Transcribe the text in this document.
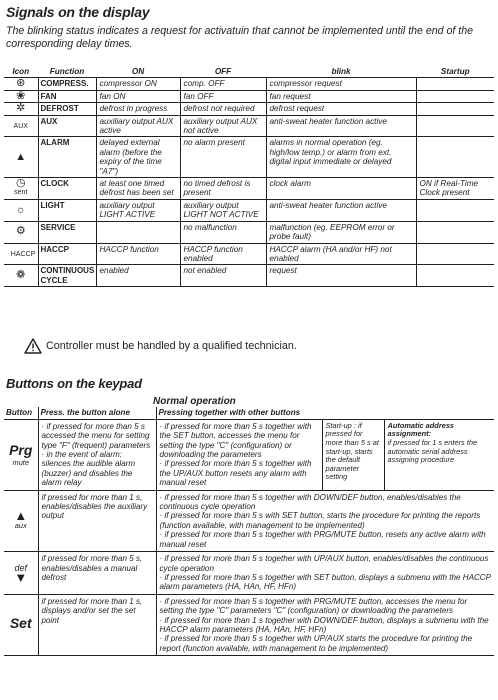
Signals on the display
The blinking status indicates a request for activatuin that cannot be implemented until the end of the corresponding delay times.
Icon	Function	ON	OFF	blink	Startup

⊛	COMPRESS.	compressor ON	comp. OFF	compressor request	

❀	FAN	fan ON	fan OFF	fan request	

✲	DEFROST	defrost in progress	defrost not required	defrost request	

AUX	AUX	auxiliary output AUX active	auxiliary output AUX not active	anti-sweat heater function active	

▲	ALARM	delayed external alarm (before the expiry of the time "A7")	no alarm present	alarms in normal operation (eg. high/low temp.) or alarm from ext. digital input immediate or delayed	

◷
sent	CLOCK	at least one timed defrost has been set	no timed defrost is present	clock alarm	ON if Real-Time Clock present

☼	LIGHT	auxiliary output LIGHT ACTIVE	auxiliary output LIGHT NOT ACTIVE	anti-sweat heater function active	

⚙	SERVICE		no malfunction	malfunction (eg. EEPROM error or probe fault)	

HACCP	HACCP	HACCP function	HACCP function enabled	HACCP alarm (HA and/or HF) not enabled	

❁	CONTINUOUS CYCLE	enabled	not enabled	request	
Controller must be handled by a qualified technician.
Buttons on the keypad
	Normal operation			
Button	Press. the button alone	Pressing together with other buttons		

Prg
mute	· if pressed for more than 5 s accessed the menu for setting type "F" (frequent) parameters
· in the event of alarm: silences the audible alarm (buzzer) and disables the alarm relay	· if pressed for more than 5 s together with the SET button, accesses the menu for setting the type "C" (configuration) or downloading the parameters
· if pressed for more than 5 s together with the UP/AUX button resets any alarm with manual reset	Start-up : if pressed for more than 5 s at start-up, starts the default parameter setting	Automatic address assignment:
if pressed for 1 s enters the automatic serial address assigning procedure

▲
aux	if pressed for more than 1 s, enables/disables the auxiliary output	· if pressed for more than 5 s together with DOWN/DEF button, enables/disables the continuous cycle operation
· if pressed for more than 5 s with SET button, starts the procedure for printing the reports (function available, with management to be implemented)
· if pressed for more than 5 s together with PRG/MUTE button, resets any active alarm with manual reset		

def
▼	if pressed for more than 5 s, enables/disables a manual defrost	· if pressed for more than 5 s together with UP/AUX button, enables/disables the continuous cycle operation
· if pressed for more than 5 s together with SET button, displays a submenu with the HACCP alarm parameters (HA, HAn, HF, HFn)		

Set	if pressed for more than 1 s, displays and/or set the set point	· if pressed for more than 5 s together with PRG/MUTE button, accesses the menu for setting the type "C" parameters "C" (configuration) or downloading the parameters
· if pressed for more than 1 s together with DOWN/DEF button, displays a submenu with the HACCP alarm parameters (HA, HAn, HF, HFn)
· if pressed for more than 5 s together with UP/AUX starts the procedure for printing the report (function available, with management to be implemented)		
